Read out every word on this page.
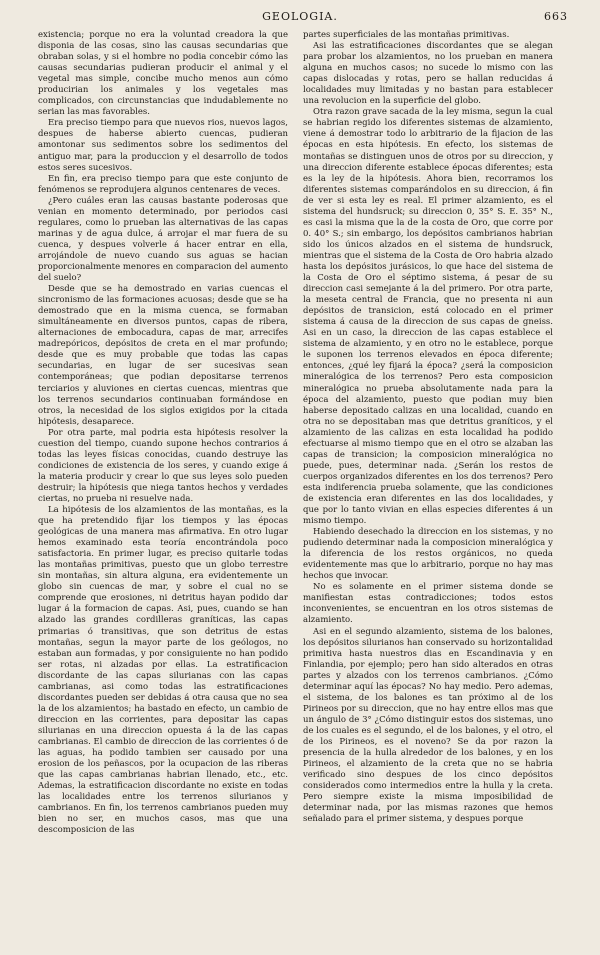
GEOLOGIA.	663

existencia; porque no era la voluntad creadora la que disponia de las cosas, sino las causas secundarias que obraban solas, y si el hombre no podia concebir cómo las causas secundarias pudieran producir el animal y el vegetal mas simple, concibe mucho menos aun cómo producirian los animales y los vegetales mas complicados, con circunstancias que indudablemente no serian las mas favorables.

Era preciso tiempo para que nuevos rios, nuevos lagos, despues de haberse abierto cuencas, pudieran amontonar sus sedimentos sobre los sedimentos del antiguo mar, para la produccion y el desarrollo de todos estos seres sucesivos.

En fin, era preciso tiempo para que este conjunto de fenómenos se reprodujera algunos centenares de veces.

¿Pero cuáles eran las causas bastante poderosas que venian en momento determinado, por periodos casi regulares, como lo prueban las alternativas de las capas marinas y de agua dulce, á arrojar el mar fuera de su cuenca, y despues volverle á hacer entrar en ella, arrojándole de nuevo cuando sus aguas se hacian proporcionalmente menores en comparacion del aumento del suelo?

Desde que se ha demostrado en varias cuencas el sincronismo de las formaciones acuosas; desde que se ha demostrado que en la misma cuenca, se formaban simultáneamente en diversos puntos, capas de ribera, alternaciones de embocadura, capas de mar, arrecifes madrepóricos, depósitos de creta en el mar profundo; desde que es muy probable que todas las capas secundarias, en lugar de ser sucesivas sean contemporáneas; que podian depositarse terrenos terciarios y aluviones en ciertas cuencas, mientras que los terrenos secundarios continuaban formándose en otros, la necesidad de los siglos exigidos por la citada hipótesis, desaparece.

Por otra parte, mal podria esta hipótesis resolver la cuestion del tiempo, cuando supone hechos contrarios á todas las leyes físicas conocidas, cuando destruye las condiciones de existencia de los seres, y cuando exige á la materia producir y crear lo que sus leyes solo pueden destruir; la hipótesis que niega tantos hechos y verdades ciertas, no prueba ni resuelve nada.

La hipótesis de los alzamientos de las montañas, es la que ha pretendido fijar los tiempos y las épocas geológicas de una manera mas afirmativa. En otro lugar hemos examinado esta teoría encontrándola poco satisfactoria. En primer lugar, es preciso quitarle todas las montañas primitivas, puesto que un globo terrestre sin montañas, sin altura alguna, era evidentemente un globo sin cuencas de mar, y sobre el cual no se comprende que erosiones, ni detritus hayan podido dar lugar á la formacion de capas. Asi, pues, cuando se han alzado las grandes cordilleras graníticas, las capas primarias ó transitivas, que son detritus de estas montañas, segun la mayor parte de los geólogos, no estaban aun formadas, y por consiguiente no han podido ser rotas, ni alzadas por ellas. La estratificacion discordante de las capas silurianas con las capas cambrianas, asi como todas las estratificaciones discordantes pueden ser debidas á otra causa que no sea la de los alzamientos; ha bastado en efecto, un cambio de direccion en las corrientes, para depositar las capas silurianas en una direccion opuesta á la de las capas cambrianas. El cambio de direccion de las corrientes ó de las aguas, ha podido tambien ser causado por una erosion de los peñascos, por la ocupacion de las riberas que las capas cambrianas habrian llenado, etc., etc. Ademas, la estratificacion discordante no existe en todas las localidades entre los terrenos silurianos y cambrianos. En fin, los terrenos cambrianos pueden muy bien no ser, en muchos casos, mas que una descomposicion de las

partes superficiales de las montañas primitivas.

Asi las estratificaciones discordantes que se alegan para probar los alzamientos, no los prueban en manera alguna en muchos casos; no sucede lo mismo con las capas dislocadas y rotas, pero se hallan reducidas á localidades muy limitadas y no bastan para establecer una revolucion en la superficie del globo.

Otra razon grave sacada de la ley misma, segun la cual se habrian regido los diferentes sistemas de alzamiento, viene á demostrar todo lo arbitrario de la fijacion de las épocas en esta hipótesis. En efecto, los sistemas de montañas se distinguen unos de otros por su direccion, y una direccion diferente establece épocas diferentes; esta es la ley de la hipótesis. Ahora bien, recorramos los diferentes sistemas comparándolos en su direccion, á fin de ver si esta ley es real. El primer alzamiento, es el sistema del hundsruck; su direccion 0, 35° S. E. 35° N., es casi la misma que la de la costa de Oro, que corre por 0. 40° S.; sin embargo, los depósitos cambrianos habrian sido los únicos alzados en el sistema de hundsruck, mientras que el sistema de la Costa de Oro habria alzado hasta los depósitos jurásicos, lo que hace del sistema de la Costa de Oro el séptimo sistema, á pesar de su direccion casi semejante á la del primero. Por otra parte, la meseta central de Francia, que no presenta ni aun depósitos de transicion, está colocado en el primer sistema á causa de la direccion de sus capas de gneiss. Asi en un caso, la direccion de las capas establece el sistema de alzamiento, y en otro no le establece, porque le suponen los terrenos elevados en época diferente; entonces, ¿qué ley fijará la época? ¿será la composicion mineralógica de los terrenos? Pero esta composicion mineralógica no prueba absolutamente nada para la época del alzamiento, puesto que podian muy bien haberse depositado calizas en una localidad, cuando en otra no se depositaban mas que detritus graníticos, y el alzamiento de las calizas en esta localidad ha podido efectuarse al mismo tiempo que en el otro se alzaban las capas de transicion; la composicion mineralógica no puede, pues, determinar nada. ¿Serán los restos de cuerpos organizados diferentes en los dos terrenos? Pero esta indiferencia prueba solamente, que las condiciones de existencia eran diferentes en las dos localidades, y que por lo tanto vivian en ellas especies diferentes á un mismo tiempo.

Habiendo desechado la direccion en los sistemas, y no pudiendo determinar nada la composicion mineralógica y la diferencia de los restos orgánicos, no queda evidentemente mas que lo arbitrario, porque no hay mas hechos que invocar.

No es solamente en el primer sistema donde se manifiestan estas contradicciones; todos estos inconvenientes, se encuentran en los otros sistemas de alzamiento.

Asi en el segundo alzamiento, sistema de los balones, los depósitos silurianos han conservado su horizontalidad primitiva hasta nuestros dias en Escandinavia y en Finlandia, por ejemplo; pero han sido alterados en otras partes y alzados con los terrenos cambrianos. ¿Cómo determinar aquí las épocas? No hay medio. Pero ademas, el sistema, de los balones es tan próximo al de los Pirineos por su direccion, que no hay entre ellos mas que un ángulo de 3° ¿Cómo distinguir estos dos sistemas, uno de los cuales es el segundo, el de los balones, y el otro, el de los Pirineos, es el noveno? Se da por razon la presencia de la hulla alrededor de los balones, y en los Pirineos, el alzamiento de la creta que no se habria verificado sino despues de los cinco depósitos considerados como intermedios entre la hulla y la creta. Pero siempre existe la misma imposibilidad de determinar nada, por las mismas razones que hemos señalado para el primer sistema, y despues porque
